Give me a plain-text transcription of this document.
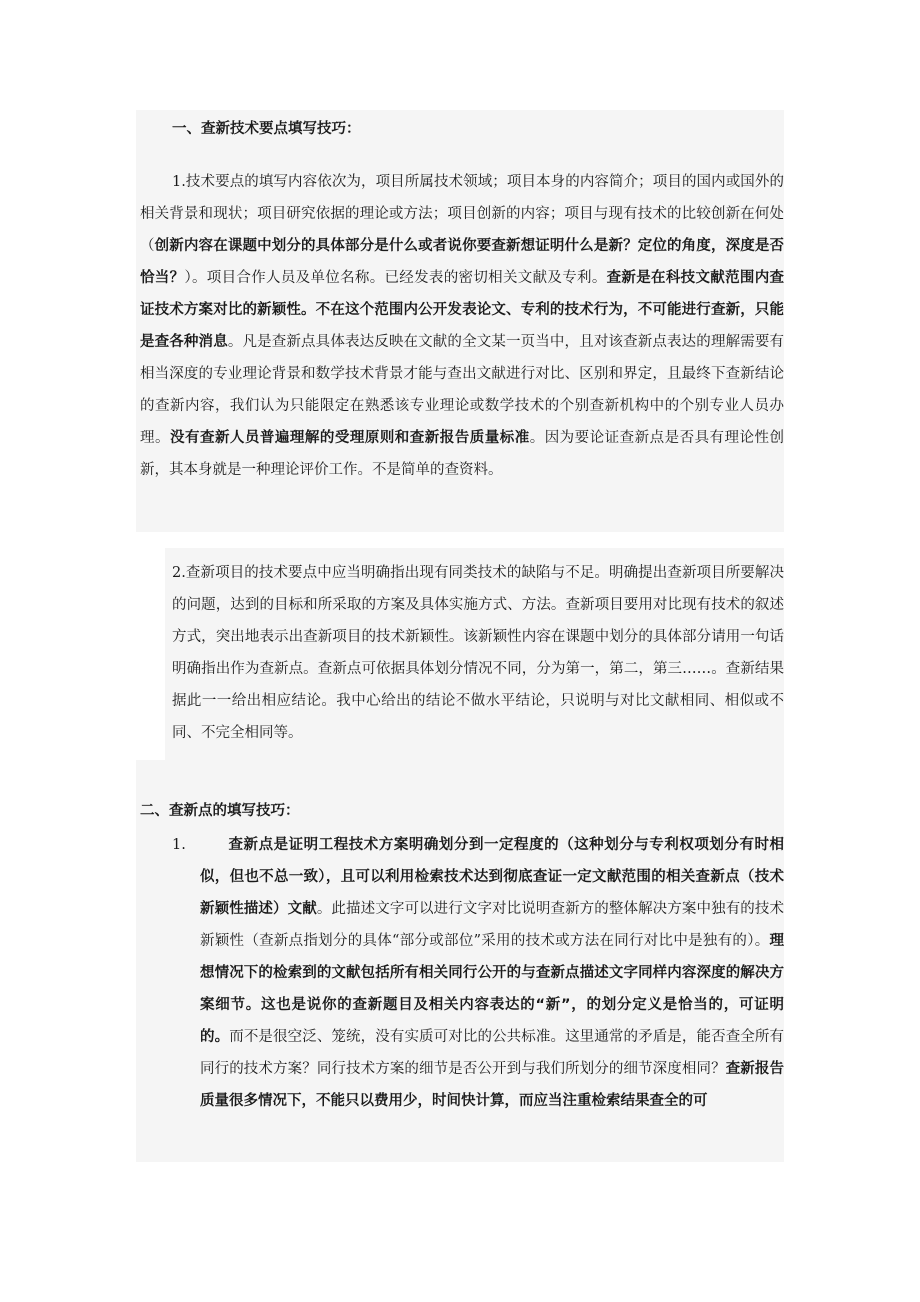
一、查新技术要点填写技巧：
1.技术要点的填写内容依次为，项目所属技术领域；项目本身的内容简介；项目的国内或国外的相关背景和现状；项目研究依据的理论或方法；项目创新的内容；项目与现有技术的比较创新在何处（创新内容在课题中划分的具体部分是什么或者说你要查新想证明什么是新？定位的角度，深度是否恰当？）。项目合作人员及单位名称。已经发表的密切相关文献及专利。查新是在科技文献范围内查证技术方案对比的新颖性。不在这个范围内公开发表论文、专利的技术行为，不可能进行查新，只能是查各种消息。凡是查新点具体表达反映在文献的全文某一页当中，且对该查新点表达的理解需要有相当深度的专业理论背景和数学技术背景才能与查出文献进行对比、区别和界定，且最终下查新结论的查新内容，我们认为只能限定在熟悉该专业理论或数学技术的个别查新机构中的个别专业人员办理。没有查新人员普遍理解的受理原则和查新报告质量标准。因为要论证查新点是否具有理论性创新，其本身就是一种理论评价工作。不是简单的查资料。
2.查新项目的技术要点中应当明确指出现有同类技术的缺陷与不足。明确提出查新项目所要解决的问题，达到的目标和所采取的方案及具体实施方式、方法。查新项目要用对比现有技术的叙述方式，突出地表示出查新项目的技术新颖性。该新颖性内容在课题中划分的具体部分请用一句话明确指出作为查新点。查新点可依据具体划分情况不同，分为第一，第二，第三……。查新结果据此一一给出相应结论。我中心给出的结论不做水平结论，只说明与对比文献相同、相似或不同、不完全相同等。
二、查新点的填写技巧：
1.	查新点是证明工程技术方案明确划分到一定程度的（这种划分与专利权项划分有时相似，但也不总一致），且可以利用检索技术达到彻底查证一定文献范围的相关查新点（技术新颖性描述）文献。此描述文字可以进行文字对比说明查新方的整体解决方案中独有的技术新颖性（查新点指划分的具体“部分或部位”采用的技术或方法在同行对比中是独有的）。理想情况下的检索到的文献包括所有相关同行公开的与查新点描述文字同样内容深度的解决方案细节。这也是说你的查新题目及相关内容表达的“新”，的划分定义是恰当的，可证明的。而不是很空泛、笼统，没有实质可对比的公共标准。这里通常的矛盾是，能否查全所有同行的技术方案？同行技术方案的细节是否公开到与我们所划分的细节深度相同？查新报告质量很多情况下，不能只以费用少，时间快计算，而应当注重检索结果查全的可
